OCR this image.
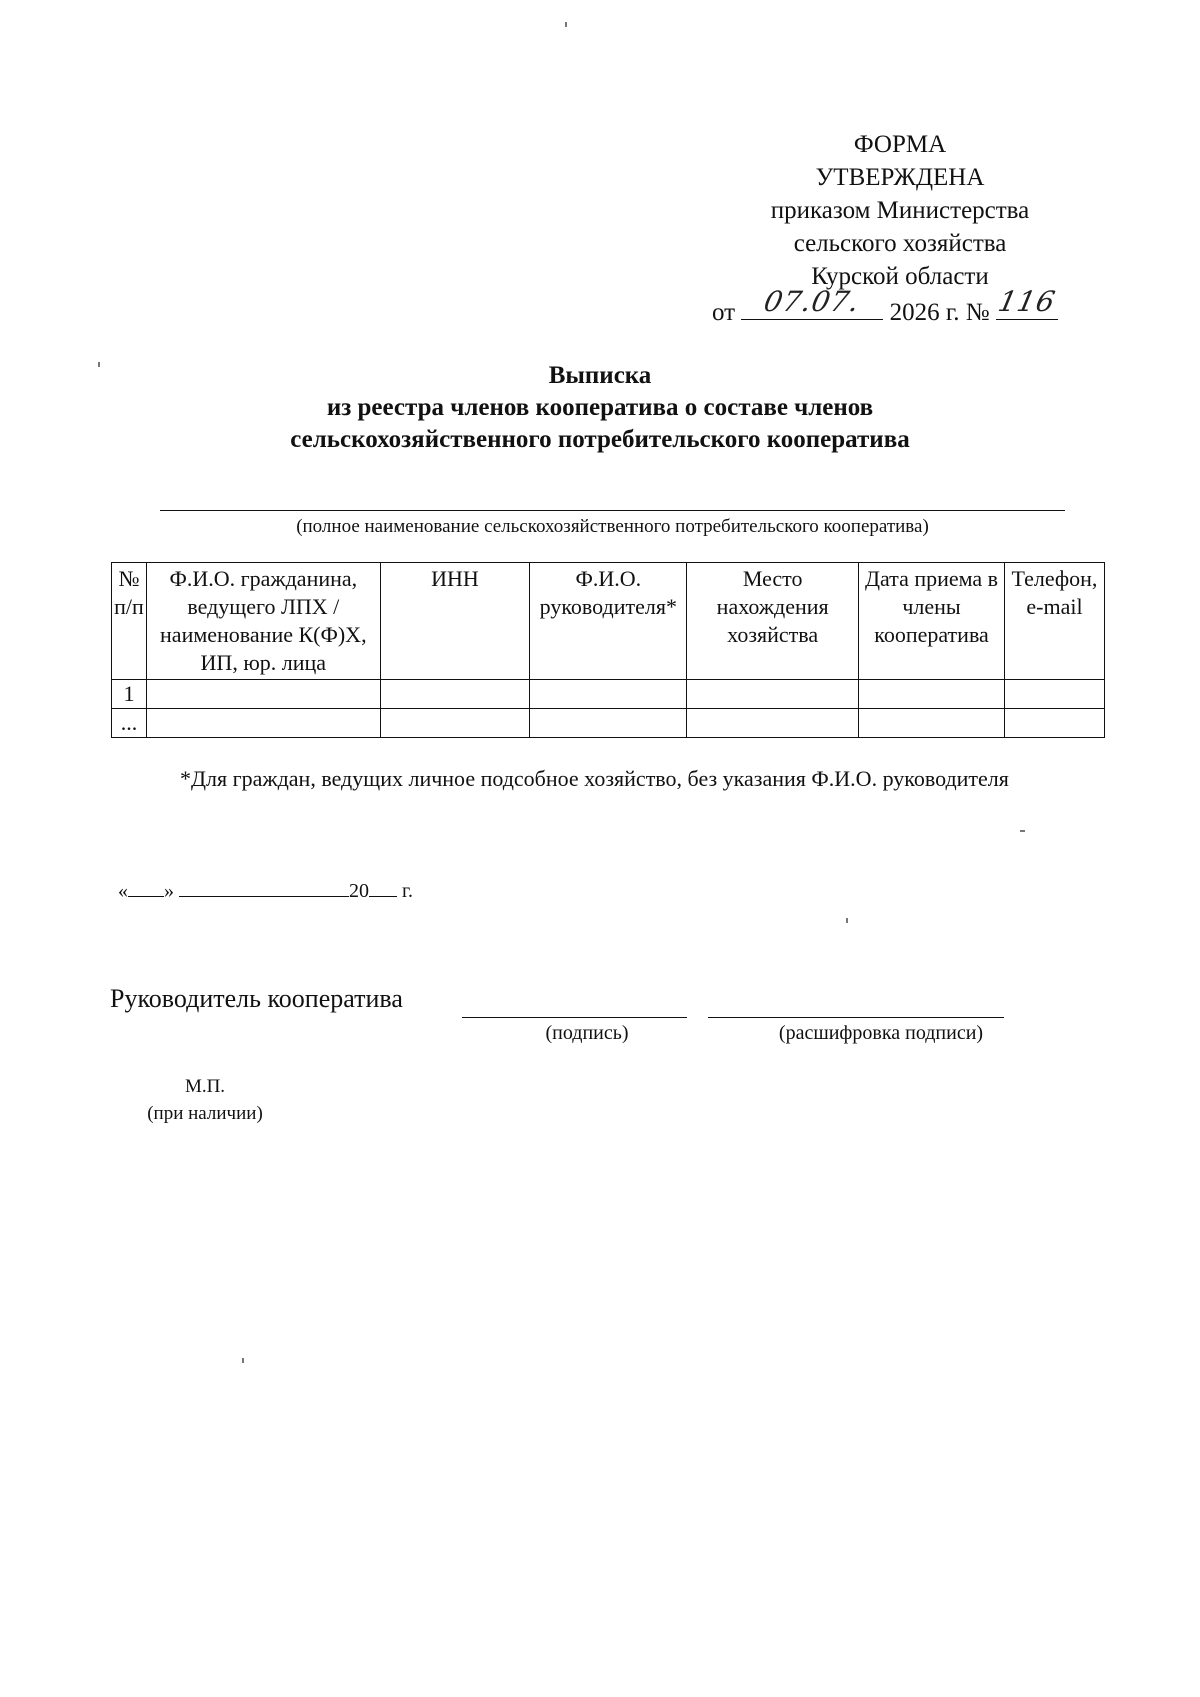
ФОРМА
УТВЕРЖДЕНА
приказом Министерства
сельского хозяйства
Курской области
от 07.07.	2026 г. № 116
Выписка
из реестра членов кооператива о составе членов
сельскохозяйственного потребительского кооператива
(полное наименование сельскохозяйственного потребительского кооператива)
№ п/п	Ф.И.О. гражданина, ведущего ЛПХ / наименование К(Ф)Х, ИП, юр. лица	ИНН	Ф.И.О. руководителя*	Место нахождения хозяйства	Дата приема в члены кооператива	Телефон, e-mail
1						
...						
*Для граждан, ведущих личное подсобное хозяйство, без указания Ф.И.О. руководителя
« »	20 г.
Руководитель кооператива
(подпись)	(расшифровка подписи)
М.П.
(при наличии)
